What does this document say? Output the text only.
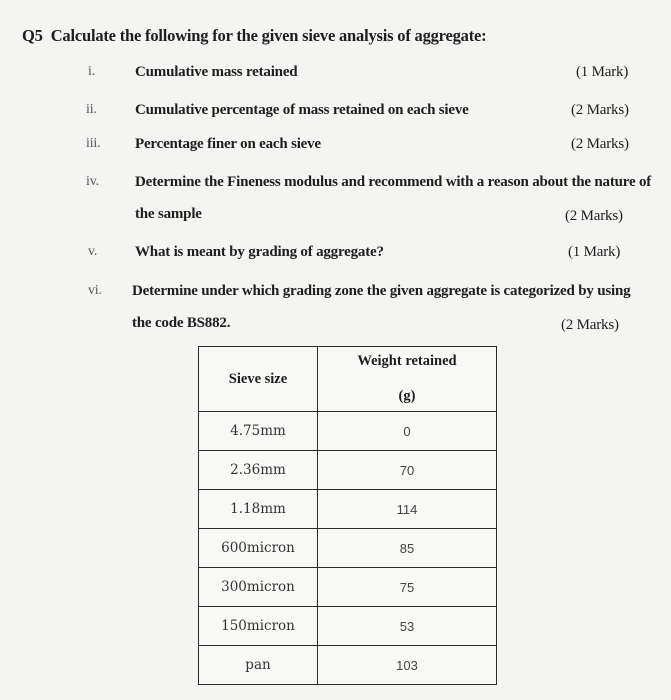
Q5 Calculate the following for the given sieve analysis of aggregate:
i.	Cumulative mass retained	(1 Mark)
ii.	Cumulative percentage of mass retained on each sieve	(2 Marks)
iii. Percentage finer on each sieve	(2 Marks)
iv. Determine the Fineness modulus and recommend with a reason about the nature of
the sample	(2 Marks)
v.	What is meant by grading of aggregate?	(1 Mark)
vi. Determine under which grading zone the given aggregate is categorized by using
the code BS882.	(2 Marks)
Sieve size	Weight retained
(g)

4.75mm	0
2.36mm	70
1.18mm	114
600micron	85
300micron	75
150micron	53
pan	103
